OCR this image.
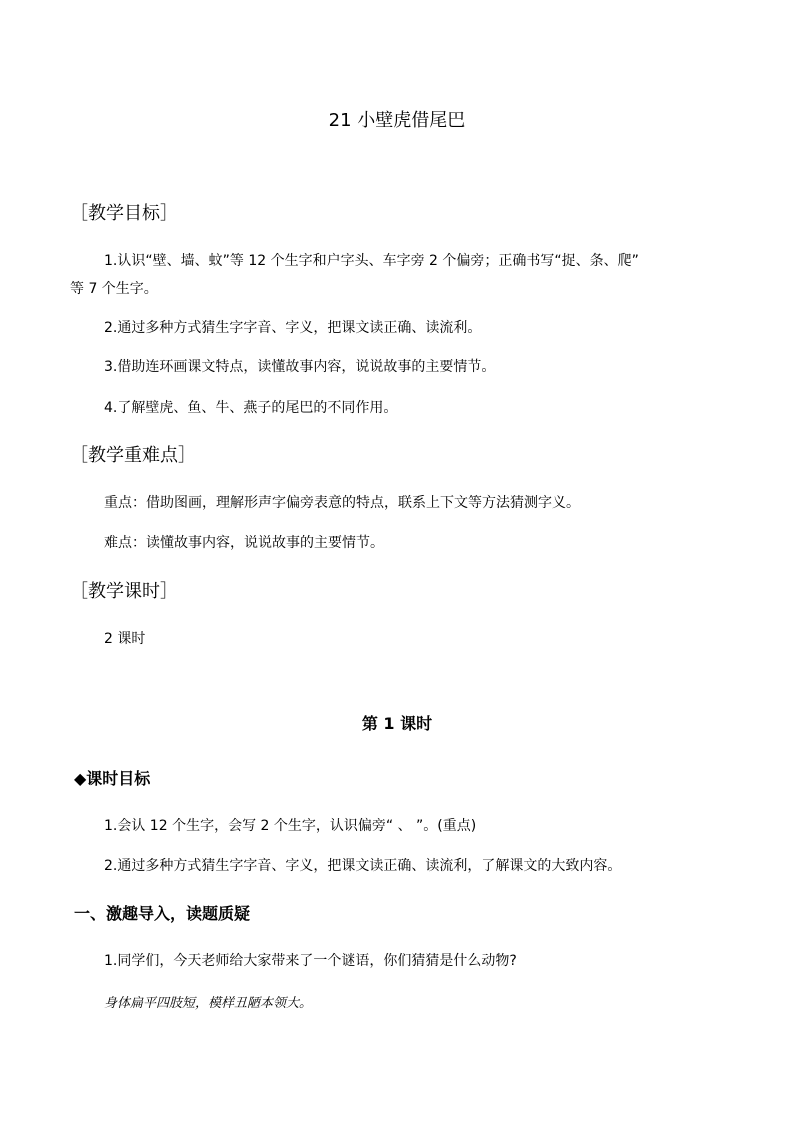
21 小壁虎借尾巴
［教学目标］
1.认识“壁、墙、蚊”等 12 个生字和户字头、车字旁 2 个偏旁；正确书写“捉、条、爬”
等 7 个生字。
2.通过多种方式猜生字字音、字义，把课文读正确、读流利。
3.借助连环画课文特点，读懂故事内容，说说故事的主要情节。
4.了解壁虎、鱼、牛、燕子的尾巴的不同作用。
［教学重难点］
重点：借助图画，理解形声字偏旁表意的特点，联系上下文等方法猜测字义。
难点：读懂故事内容，说说故事的主要情节。
［教学课时］
2 课时
第 1 课时
◆课时目标
1.会认 12 个生字，会写 2 个生字，认识偏旁“ 、 ”。(重点)
2.通过多种方式猜生字字音、字义，把课文读正确、读流利，了解课文的大致内容。
一、激趣导入，读题质疑
1.同学们，今天老师给大家带来了一个谜语，你们猜猜是什么动物?
身体扁平四肢短，模样丑陋本领大。
